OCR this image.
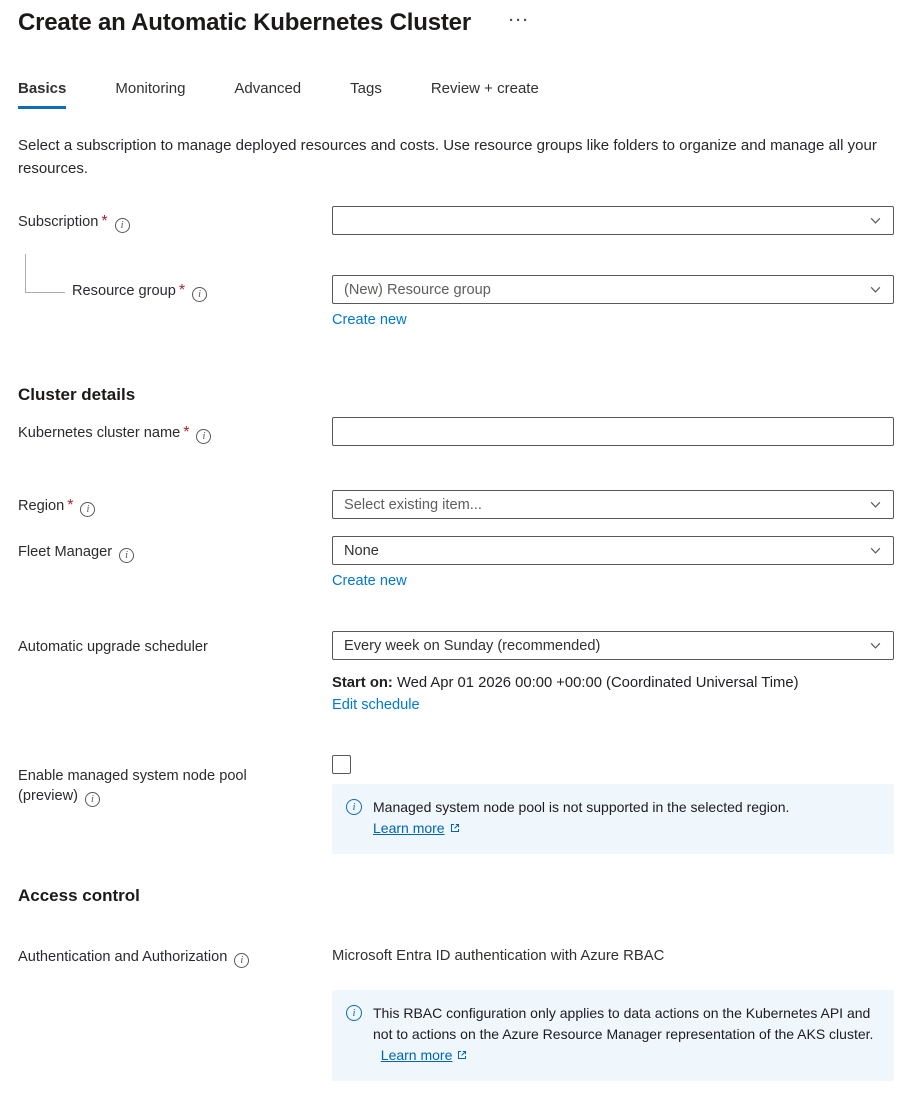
Create an Automatic Kubernetes Cluster	···
Basics	Monitoring	Advanced	Tags	Review + create
Select a subscription to manage deployed resources and costs. Use resource groups like folders to organize and manage all your resources.
Subscription * i
Resource group * i	(New) Resource group
Create new
Cluster details
Kubernetes cluster name * i
Region * i	Select existing item...
Fleet Manager i	None
Create new
Automatic upgrade scheduler	Every week on Sunday (recommended)
Start on: Wed Apr 01 2026 00:00 +00:00 (Coordinated Universal Time)
Edit schedule
Enable managed system node pool
(preview) i
i	Managed system node pool is not supported in the selected region.
Learn more
Access control
Authentication and Authorization i	Microsoft Entra ID authentication with Azure RBAC
i	This RBAC configuration only applies to data actions on the Kubernetes API and not to actions on the Azure Resource Manager representation of the AKS cluster.   Learn more
